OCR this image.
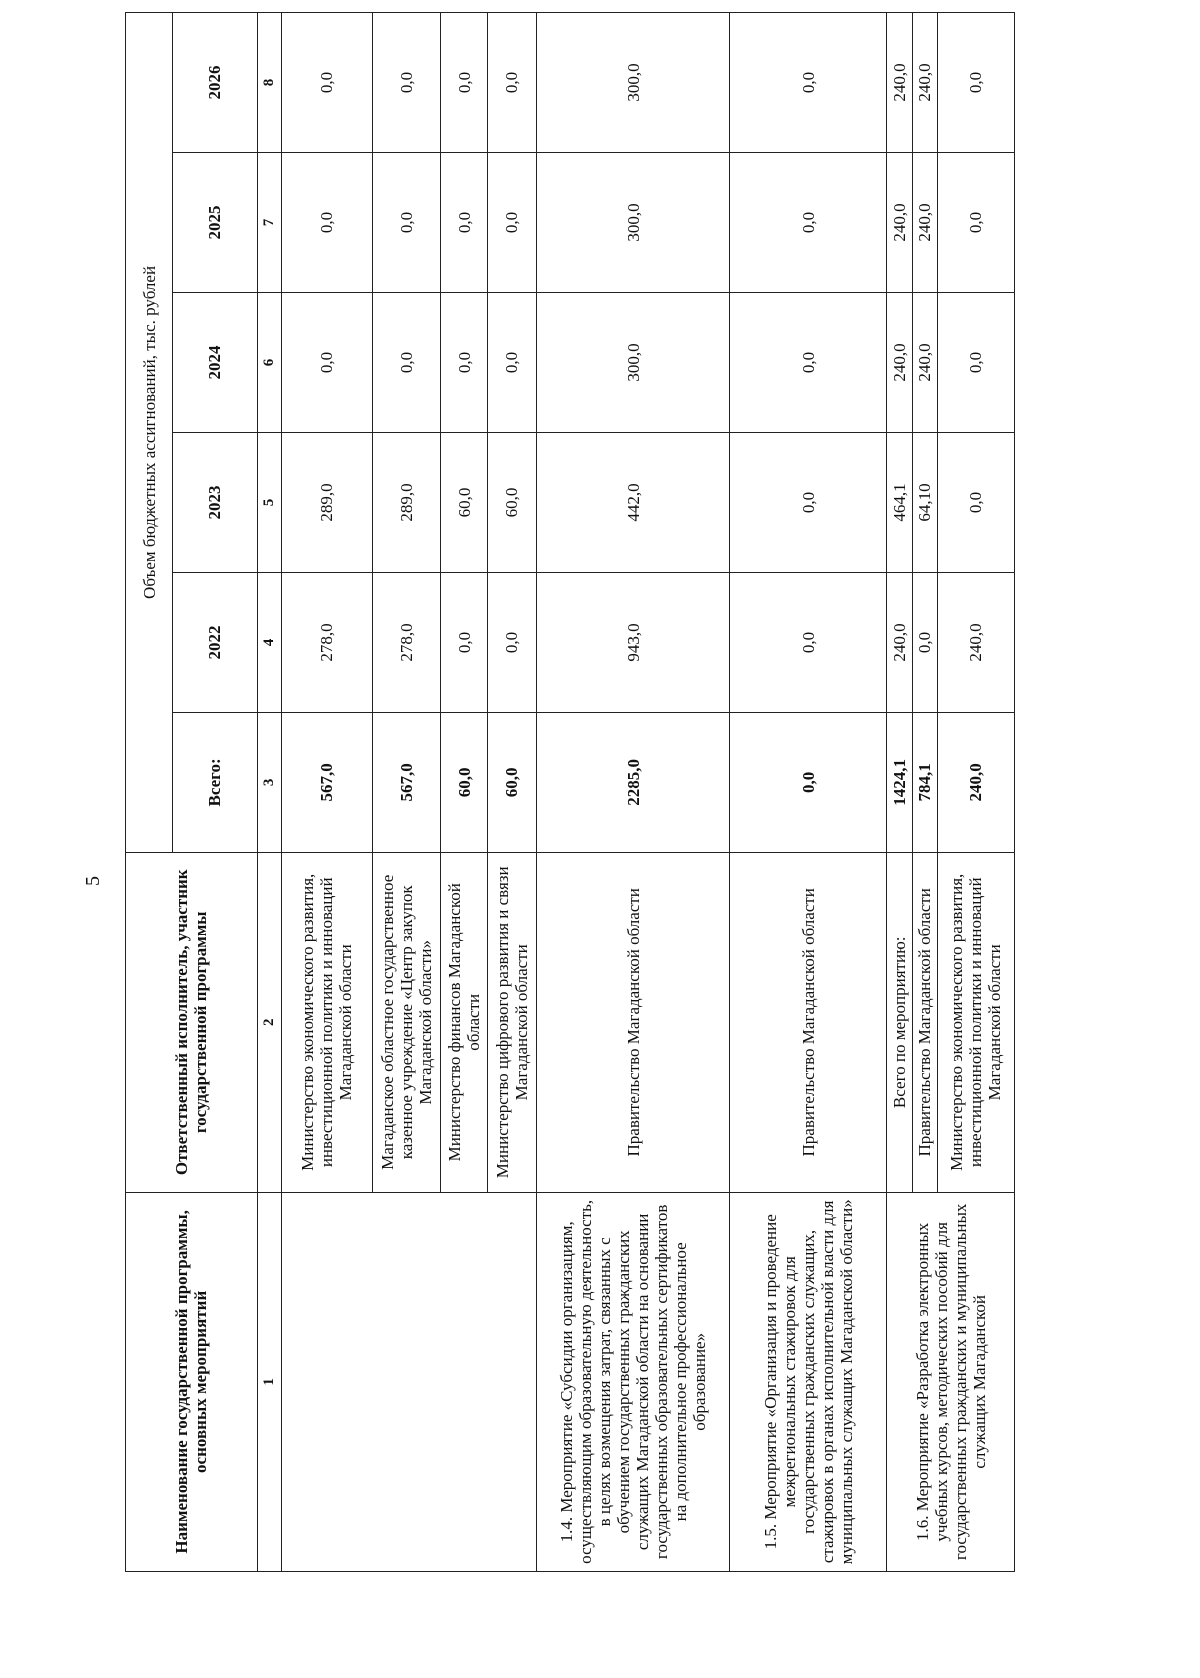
5
Наименование государственной программы, основных мероприятий	Ответственный исполнитель, участник государственной программы	Объем бюджетных ассигнований, тыс. рублей					
		Всего:	2022	2023	2024	2025	2026
1	2	3	4	5	6	7	8
	Министерство экономического развития, инвестиционной политики и инноваций Магаданской области	567,0	278,0	289,0	0,0	0,0	0,0
	Магаданское областное государственное казенное учреждение «Центр закупок Магаданской области»	567,0	278,0	289,0	0,0	0,0	0,0
	Министерство финансов Магаданской области	60,0	0,0	60,0	0,0	0,0	0,0
	Министерство цифрового развития и связи Магаданской области	60,0	0,0	60,0	0,0	0,0	0,0
1.4. Мероприятие «Субсидии организациям, осуществляющим образовательную деятельность, в целях возмещения затрат, связанных с обучением государственных гражданских служащих Магаданской области на основании государственных образовательных сертификатов на дополнительное профессиональное образование»	Правительство Магаданской области	2285,0	943,0	442,0	300,0	300,0	300,0
1.5. Мероприятие «Организация и проведение межрегиональных стажировок для государственных гражданских служащих, стажировок в органах исполнительной власти для муниципальных служащих Магаданской области»	Правительство Магаданской области	0,0	0,0	0,0	0,0	0,0	0,0
1.6. Мероприятие «Разработка электронных учебных курсов, методических пособий для государственных гражданских и муниципальных служащих Магаданской	Всего по мероприятию:	1424,1	240,0	464,1	240,0	240,0	240,0
	Правительство Магаданской области	784,1	0,0	64,10	240,0	240,0	240,0
	Министерство экономического развития, инвестиционной политики и инноваций Магаданской области	240,0	240,0	0,0	0,0	0,0	0,0
